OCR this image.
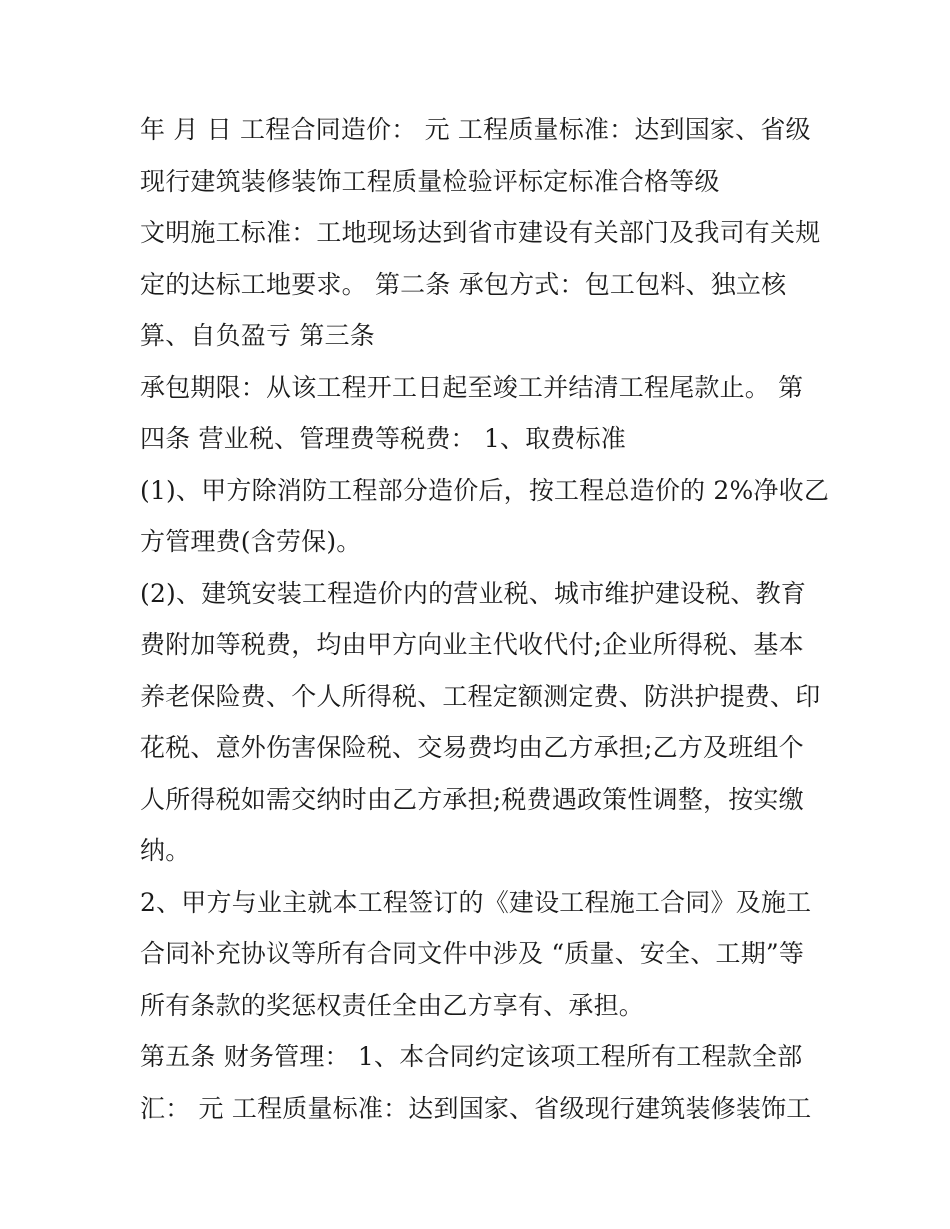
年 月 日 工程合同造价： 元 工程质量标准：达到国家、省级
现行建筑装修装饰工程质量检验评标定标准合格等级
文明施工标准：工地现场达到省市建设有关部门及我司有关规
定的达标工地要求。 第二条 承包方式：包工包料、独立核
算、自负盈亏 第三条
承包期限：从该工程开工日起至竣工并结清工程尾款止。 第
四条 营业税、管理费等税费： 1、取费标准
(1)、甲方除消防工程部分造价后，按工程总造价的 2%净收乙
方管理费(含劳保)。
(2)、建筑安装工程造价内的营业税、城市维护建设税、教育
费附加等税费，均由甲方向业主代收代付;企业所得税、基本
养老保险费、个人所得税、工程定额测定费、防洪护提费、印
花税、意外伤害保险税、交易费均由乙方承担;乙方及班组个
人所得税如需交纳时由乙方承担;税费遇政策性调整，按实缴
纳。
2、甲方与业主就本工程签订的《建设工程施工合同》及施工
合同补充协议等所有合同文件中涉及 “质量、安全、工期”等
所有条款的奖惩权责任全由乙方享有、承担。
第五条 财务管理： 1、本合同约定该项工程所有工程款全部
汇： 元 工程质量标准：达到国家、省级现行建筑装修装饰工
